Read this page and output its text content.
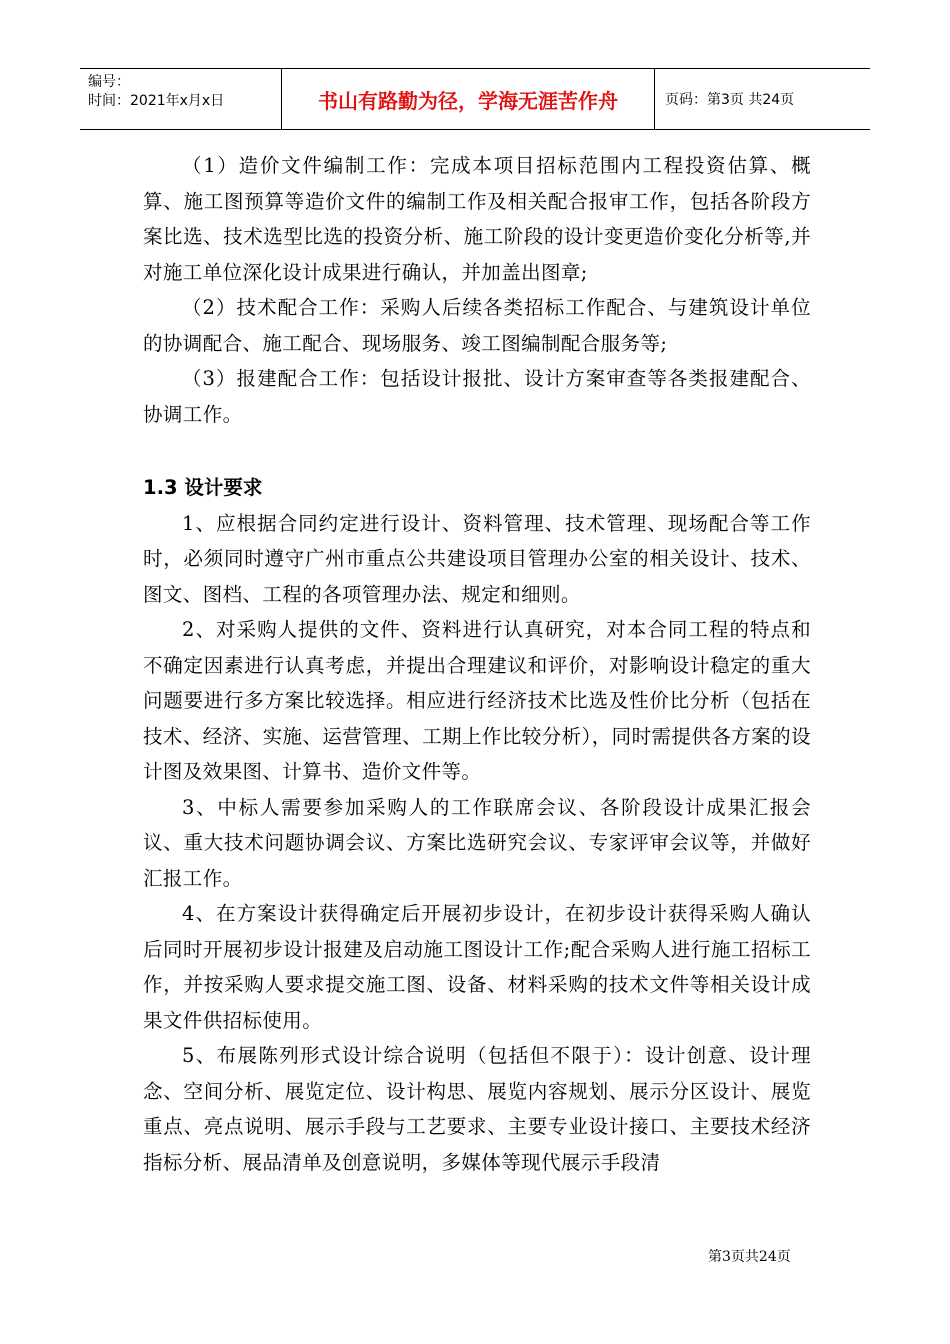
编号：
时间：2021年x月x日	书山有路勤为径，学海无涯苦作舟	页码：第3页 共24页

（1）造价文件编制工作：完成本项目招标范围内工程投资估算、概算、施工图预算等造价文件的编制工作及相关配合报审工作，包括各阶段方案比选、技术选型比选的投资分析、施工阶段的设计变更造价变化分析等,并对施工单位深化设计成果进行确认，并加盖出图章;

（2）技术配合工作：采购人后续各类招标工作配合、与建筑设计单位的协调配合、施工配合、现场服务、竣工图编制配合服务等;

（3）报建配合工作：包括设计报批、设计方案审查等各类报建配合、协调工作。

1.3 设计要求

1、应根据合同约定进行设计、资料管理、技术管理、现场配合等工作时，必须同时遵守广州市重点公共建设项目管理办公室的相关设计、技术、图文、图档、工程的各项管理办法、规定和细则。

2、对采购人提供的文件、资料进行认真研究，对本合同工程的特点和不确定因素进行认真考虑，并提出合理建议和评价，对影响设计稳定的重大问题要进行多方案比较选择。相应进行经济技术比选及性价比分析（包括在技术、经济、实施、运营管理、工期上作比较分析），同时需提供各方案的设计图及效果图、计算书、造价文件等。

3、中标人需要参加采购人的工作联席会议、各阶段设计成果汇报会议、重大技术问题协调会议、方案比选研究会议、专家评审会议等，并做好汇报工作。

4、在方案设计获得确定后开展初步设计，在初步设计获得采购人确认后同时开展初步设计报建及启动施工图设计工作;配合采购人进行施工招标工作，并按采购人要求提交施工图、设备、材料采购的技术文件等相关设计成果文件供招标使用。

5、布展陈列形式设计综合说明（包括但不限于）：设计创意、设计理念、空间分析、展览定位、设计构思、展览内容规划、展示分区设计、展览重点、亮点说明、展示手段与工艺要求、主要专业设计接口、主要技术经济指标分析、展品清单及创意说明，多媒体等现代展示手段清

第3页共24页
